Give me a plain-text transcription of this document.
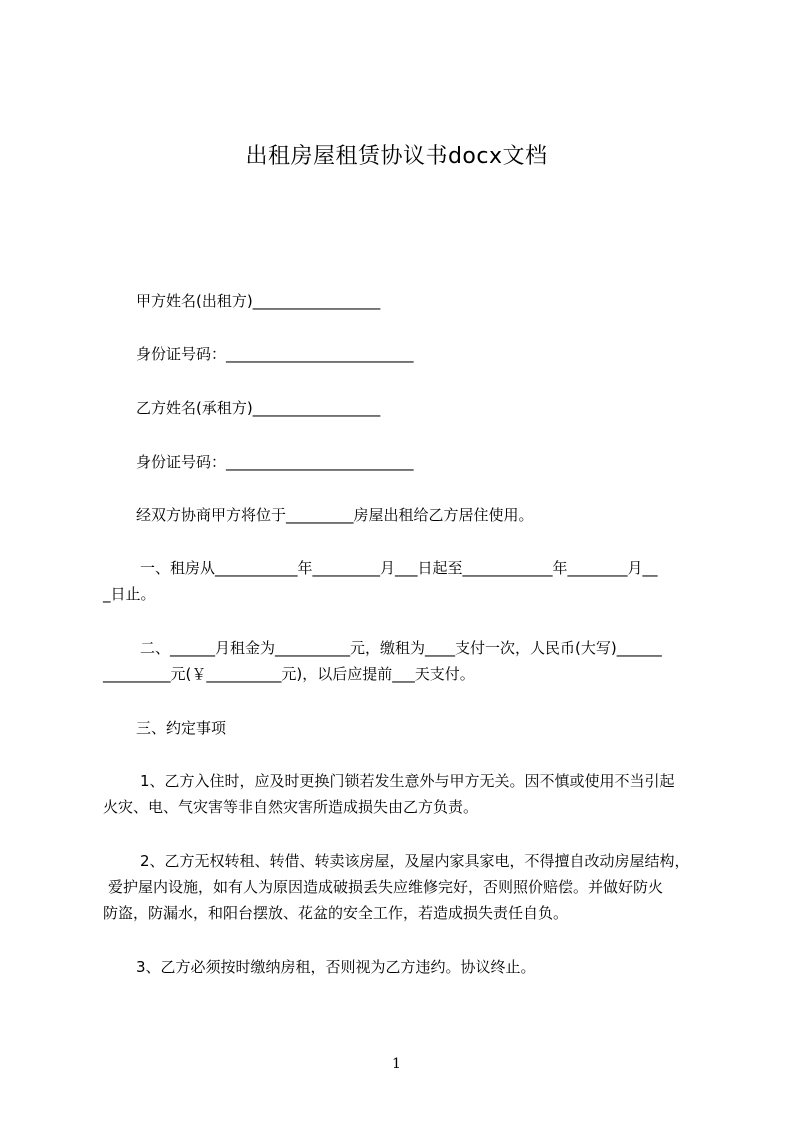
出租房屋租赁协议书docx文档
甲方姓名(出租方)_________________
身份证号码：_________________________
乙方姓名(承租方)_________________
身份证号码：_________________________
经双方协商甲方将位于_________房屋出租给乙方居住使用。
一、租房从___________年_________月___日起至____________年________月__
_日止。
二、______月租金为__________元，缴租为____支付一次，人民币(大写)______
_________元(￥__________元)，以后应提前___天支付。
三、约定事项
1、乙方入住时，应及时更换门锁若发生意外与甲方无关。因不慎或使用不当引起
火灾、电、气灾害等非自然灾害所造成损失由乙方负责。
2、乙方无权转租、转借、转卖该房屋，及屋内家具家电，不得擅自改动房屋结构，
爱护屋内设施，如有人为原因造成破损丢失应维修完好，否则照价赔偿。并做好防火
防盗，防漏水，和阳台摆放、花盆的安全工作，若造成损失责任自负。
3、乙方必须按时缴纳房租，否则视为乙方违约。协议终止。
1
